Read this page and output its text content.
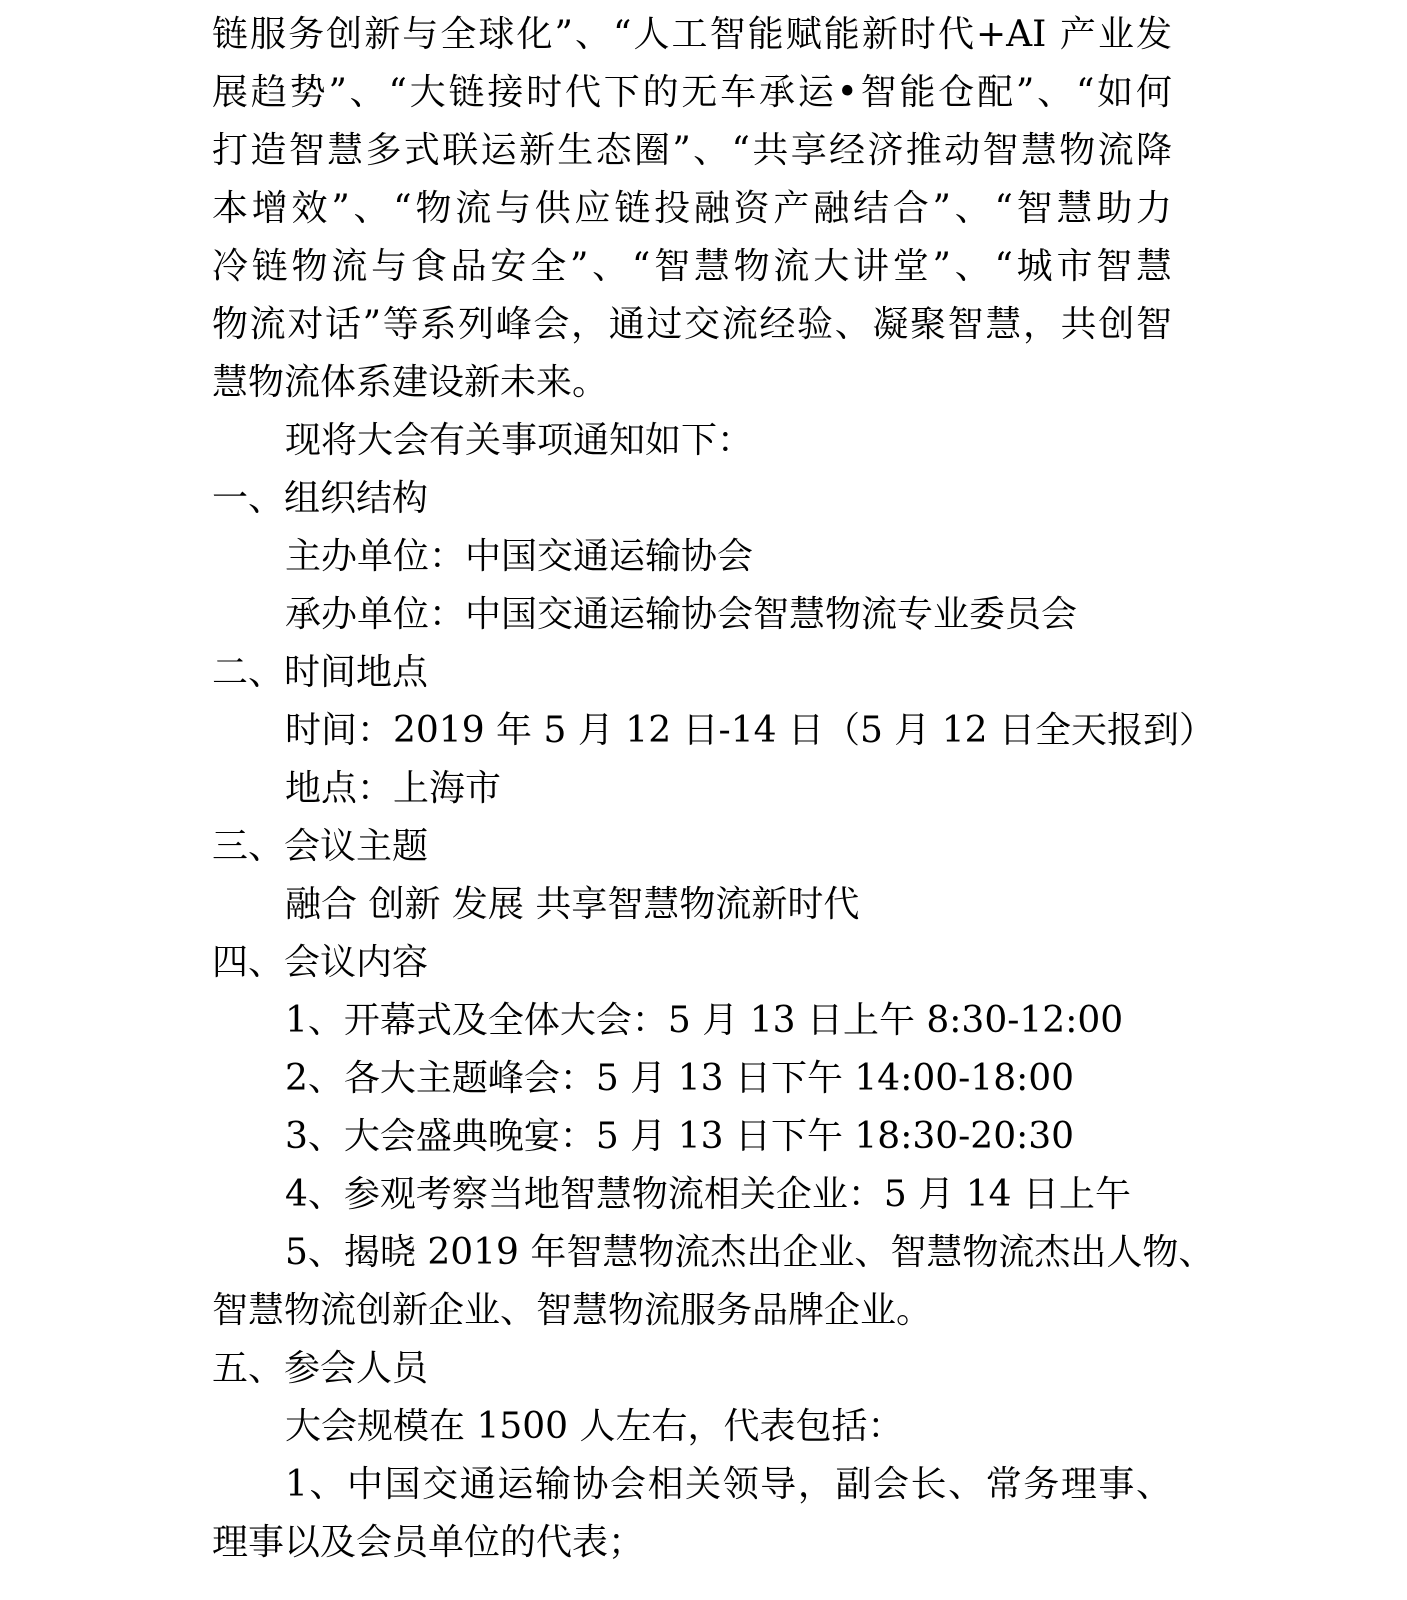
链服务创新与全球化”、“人工智能赋能新时代+AI 产业发
展趋势”、“大链接时代下的无车承运•智能仓配”、“如何
打造智慧多式联运新生态圈”、“共享经济推动智慧物流降
本增效”、“物流与供应链投融资产融结合”、“智慧助力
冷链物流与食品安全”、“智慧物流大讲堂”、“城市智慧
物流对话”等系列峰会，通过交流经验、凝聚智慧，共创智
慧物流体系建设新未来。
现将大会有关事项通知如下：
一、组织结构
主办单位：中国交通运输协会
承办单位：中国交通运输协会智慧物流专业委员会
二、时间地点
时间：2019 年 5 月 12 日-14 日（5 月 12 日全天报到）
地点：上海市
三、会议主题
融合 创新 发展 共享智慧物流新时代
四、会议内容
1、开幕式及全体大会：5 月 13 日上午 8:30-12:00
2、各大主题峰会：5 月 13 日下午 14:00-18:00
3、大会盛典晚宴：5 月 13 日下午 18:30-20:30
4、参观考察当地智慧物流相关企业：5 月 14 日上午
5、揭晓 2019 年智慧物流杰出企业、智慧物流杰出人物、
智慧物流创新企业、智慧物流服务品牌企业。
五、参会人员
大会规模在 1500 人左右，代表包括：
1、中国交通运输协会相关领导，副会长、常务理事、
理事以及会员单位的代表；
